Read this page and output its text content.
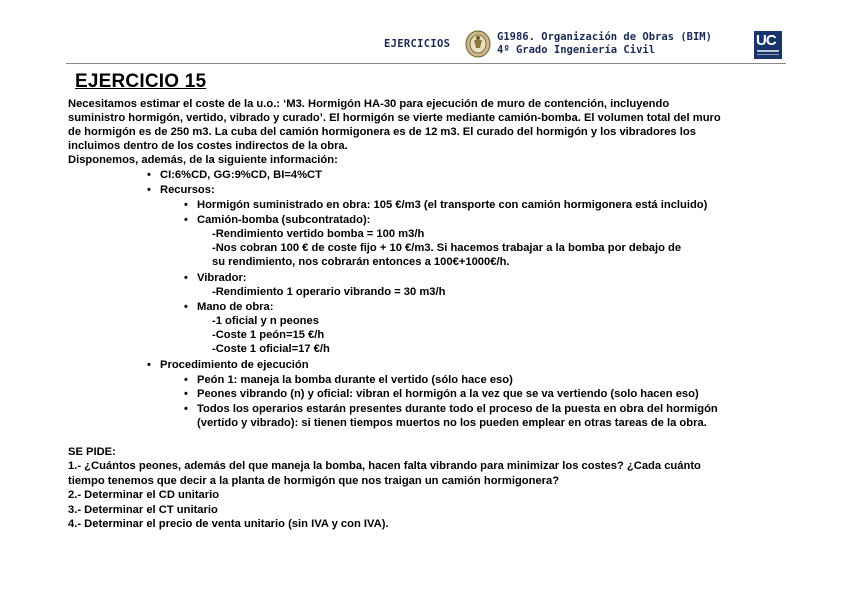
EJERCICIOS
G1986. Organización de Obras (BIM)
4º Grado Ingeniería Civil
UC
EJERCICIO 15
Necesitamos estimar el coste de la u.o.: ‘M3. Hormigón HA-30 para ejecución de muro de contención, incluyendo
suministro hormigón, vertido, vibrado y curado’. El hormigón se vierte mediante camión-bomba. El volumen total del muro
de hormigón es de 250 m3. La cuba del camión hormigonera es de 12 m3. El curado del hormigón y los vibradores los
incluimos dentro de los costes indirectos de la obra.
Disponemos, además, de la siguiente información:
• CI:6%CD, GG:9%CD, BI=4%CT
• Recursos:
• Hormigón suministrado en obra: 105 €/m3 (el transporte con camión hormigonera está incluido)
• Camión-bomba (subcontratado):
-Rendimiento vertido bomba = 100 m3/h
-Nos cobran 100 € de coste fijo + 10 €/m3. Si hacemos trabajar a la bomba por debajo de
su rendimiento, nos cobrarán entonces a 100€+1000€/h.
• Vibrador:
-Rendimiento 1 operario vibrando = 30 m3/h
• Mano de obra:
-1 oficial y n peones
-Coste 1 peón=15 €/h
-Coste 1 oficial=17 €/h
• Procedimiento de ejecución
• Peón 1: maneja la bomba durante el vertido (sólo hace eso)
• Peones vibrando (n) y oficial: vibran el hormigón a la vez que se va vertiendo (solo hacen eso)
• Todos los operarios estarán presentes durante todo el proceso de la puesta en obra del hormigón
(vertido y vibrado): si tienen tiempos muertos no los pueden emplear en otras tareas de la obra.
SE PIDE:
1.- ¿Cuántos peones, además del que maneja la bomba, hacen falta vibrando para minimizar los costes? ¿Cada cuánto
tiempo tenemos que decir a la planta de hormigón que nos traigan un camión hormigonera?
2.- Determinar el CD unitario
3.- Determinar el CT unitario
4.- Determinar el precio de venta unitario (sin IVA y con IVA).
